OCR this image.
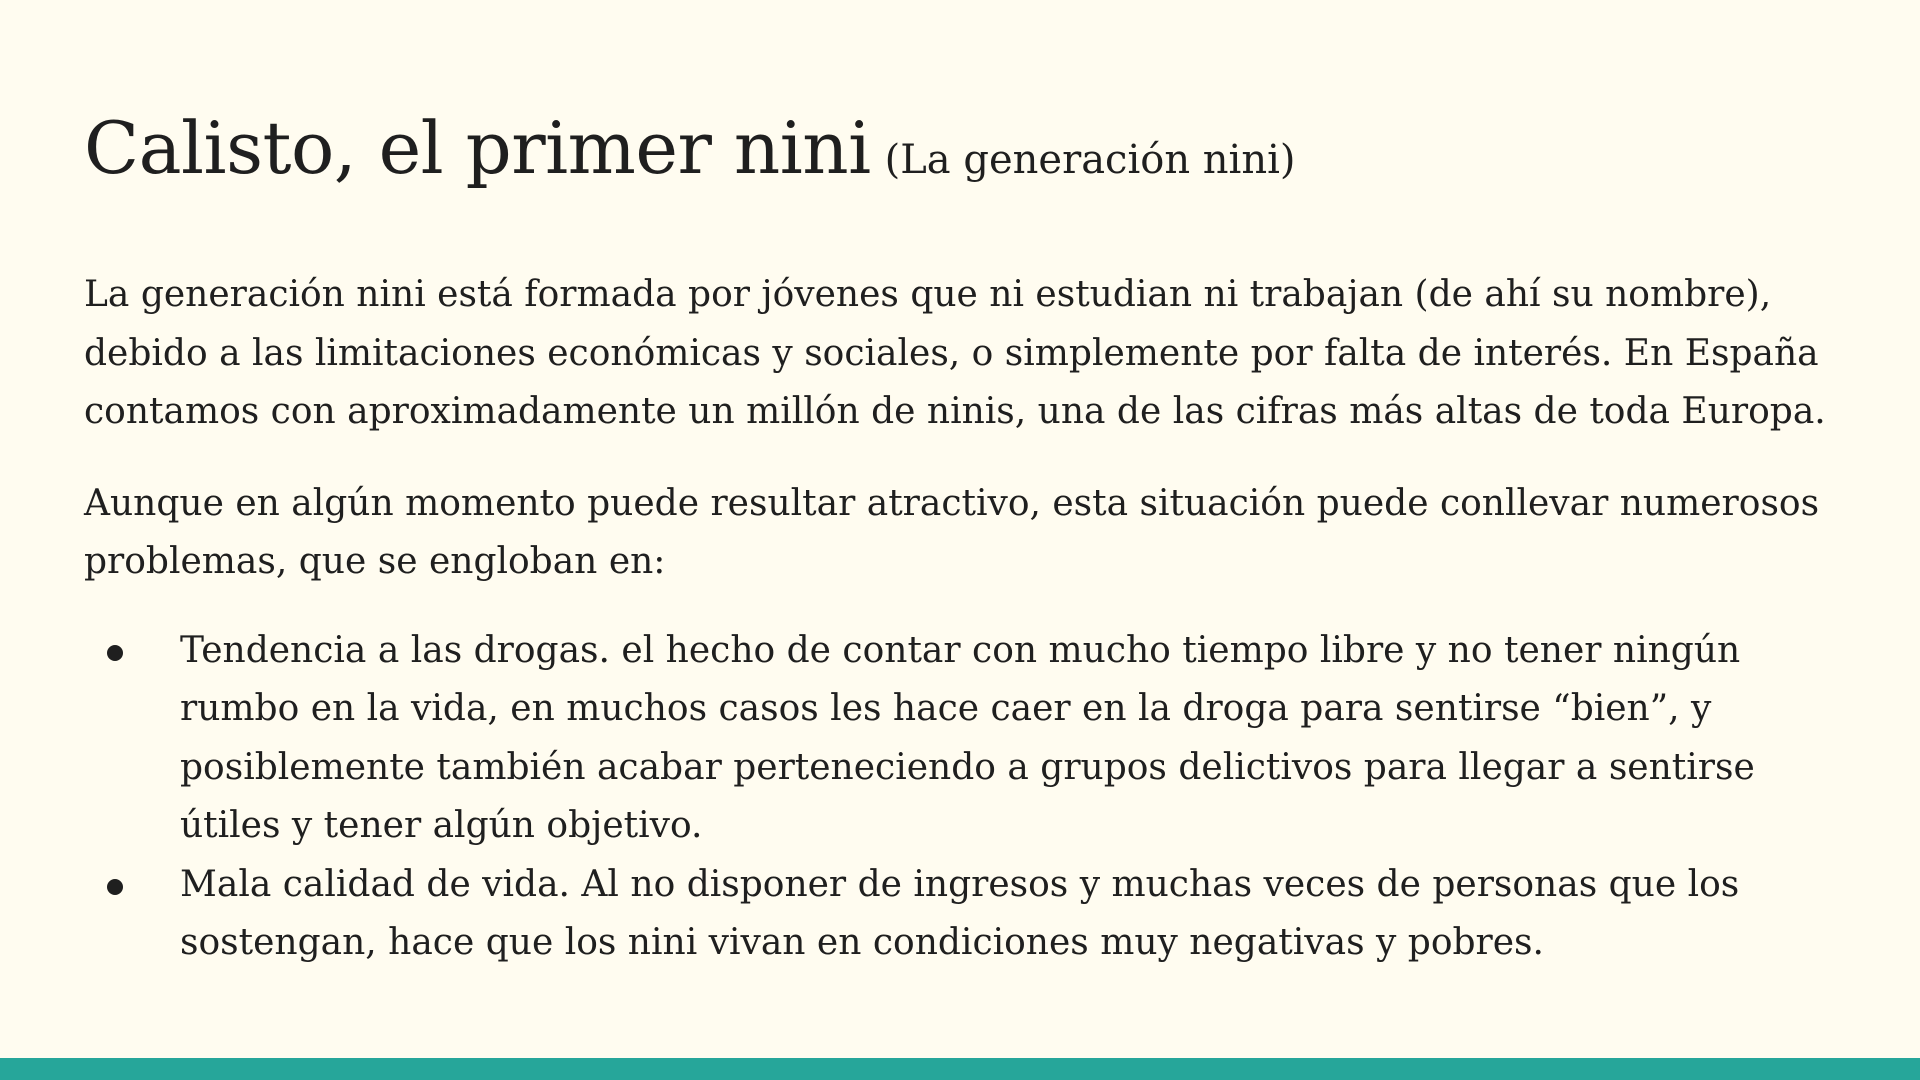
Calisto, el primer nini (La generación nini)

La generación nini está formada por jóvenes que ni estudian ni trabajan (de ahí su nombre), debido a las limitaciones económicas y sociales, o simplemente por falta de interés. En España contamos con aproximadamente un millón de ninis, una de las cifras más altas de toda Europa.

Aunque en algún momento puede resultar atractivo, esta situación puede conllevar numerosos problemas, que se engloban en:

Tendencia a las drogas. el hecho de contar con mucho tiempo libre y no tener ningún rumbo en la vida, en muchos casos les hace caer en la droga para sentirse “bien”, y posiblemente también acabar perteneciendo a grupos delictivos para llegar a sentirse útiles y tener algún objetivo.
Mala calidad de vida. Al no disponer de ingresos y muchas veces de personas que los sostengan, hace que los nini vivan en condiciones muy negativas y pobres.
